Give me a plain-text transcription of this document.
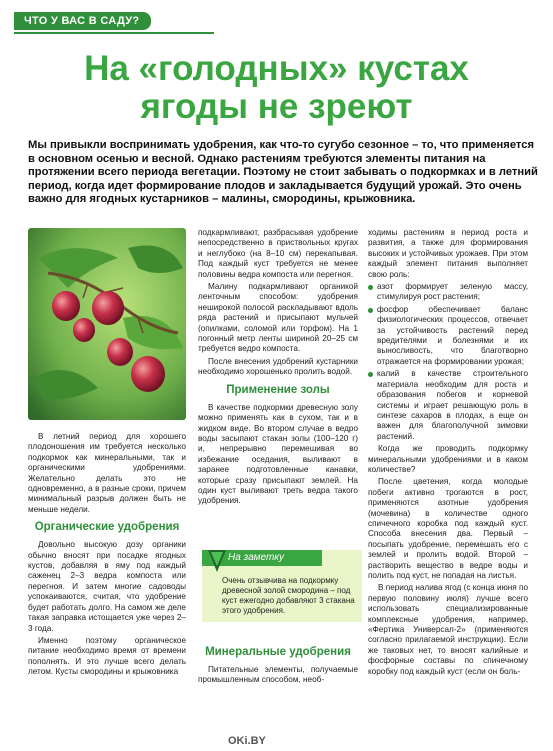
ЧТО У ВАС В САДУ?
На «голодных» кустах
ягоды не зреют
Мы привыкли воспринимать удобрения, как что-то сугубо сезонное – то, что применяется в основном осенью и весной. Однако растениям требуются элементы питания на протяжении всего периода вегетации. Поэтому не стоит забывать о подкормках и в летний период, когда идет формирование плодов и закладывается будущий урожай. Это очень важно для ягодных кустарников – малины, смородины, крыжовника.

В летний период для хорошего плодоношения им требуется несколько подкормок как минеральными, так и органическими удобрениями. Желательно делать это не одновременно, а в разные сроки, причем минимальный разрыв должен быть не меньше недели.

Органические удобрения

Довольно высокую дозу органики обычно вносят при посадке ягодных кустов, добавляя в яму под каждый саженец 2–3 ведра компоста или перегноя. И затем многие садоводы успокаиваются, считая, что удобрение будет работать долго. На самом же деле такая заправка истощается уже через 2–3 года.

Именно поэтому органическое питание необходимо время от времени пополнять. И это лучше всего делать летом. Кусты смородины и крыжовника

подкармливают, разбрасывая удобрение непосредственно в приствольных кругах и неглубоко (на 8–10 см) перекапывая. Под каждый куст требуется не менее половины ведра компоста или перегноя.

Малину подкармливают органикой ленточным способом: удобрения неширокой полосой раскладывают вдоль ряда растений и присыпают мульчей (опилками, соломой или торфом). На 1 погонный метр ленты шириной 20–25 см требуется ведро компоста.

После внесения удобрений кустарники необходимо хорошенько пролить водой.

Применение золы

В качестве подкормки древесную золу можно применять как в сухом, так и в жидком виде. Во втором случае в ведро воды засыпают стакан золы (100–120 г) и, непрерывно перемешивая во избежание оседания, выливают в заранее подготовленные канавки, которые сразу присыпают землей. На один куст выливают треть ведра такого удобрения.

На заметку
Очень отзывчива на подкормку древесной золой смородина – под куст ежегодно добавляют 3 стакана этого удобрения.
Минеральные удобрения

Питательные элементы, получаемые промышленным способом, необ-

ходимы растениям в период роста и развития, а также для формирования высоких и устойчивых урожаев. При этом каждый элемент питания выполняет свою роль:

азот формирует зеленую массу, стимулируя рост растения;

фосфор обеспечивает баланс физиологических процессов, отвечает за устойчивость растений перед вредителями и болезнями и их выносливость, что благотворно отражается на формировании урожая;

калий в качестве строительного материала необходим для роста и образования побегов и корневой системы и играет решающую роль в синтезе сахаров в плодах, а еще он важен для благополучной зимовки растений.

Когда же проводить подкормку минеральными удобрениями и в каком количестве?

После цветения, когда молодые побеги активно трогаются в рост, применяются азотные удобрения (мочевина) в количестве одного спичечного коробка под каждый куст. Способа внесения два. Первый – посыпать удобрение, перемешать его с землей и пролить водой. Второй – растворить вещество в ведре воды и полить под куст, не попадая на листья.

В период налива ягод (с конца июня по первую половину июля) лучше всего использовать специализированные комплексные удобрения, например, «Фертика Универсал-2» (применяются согласно прилагаемой инструкции). Если же таковых нет, то вносят калийные и фосфорные составы по спичечному коробку под каждый куст (если он боль-

OKi.BY
